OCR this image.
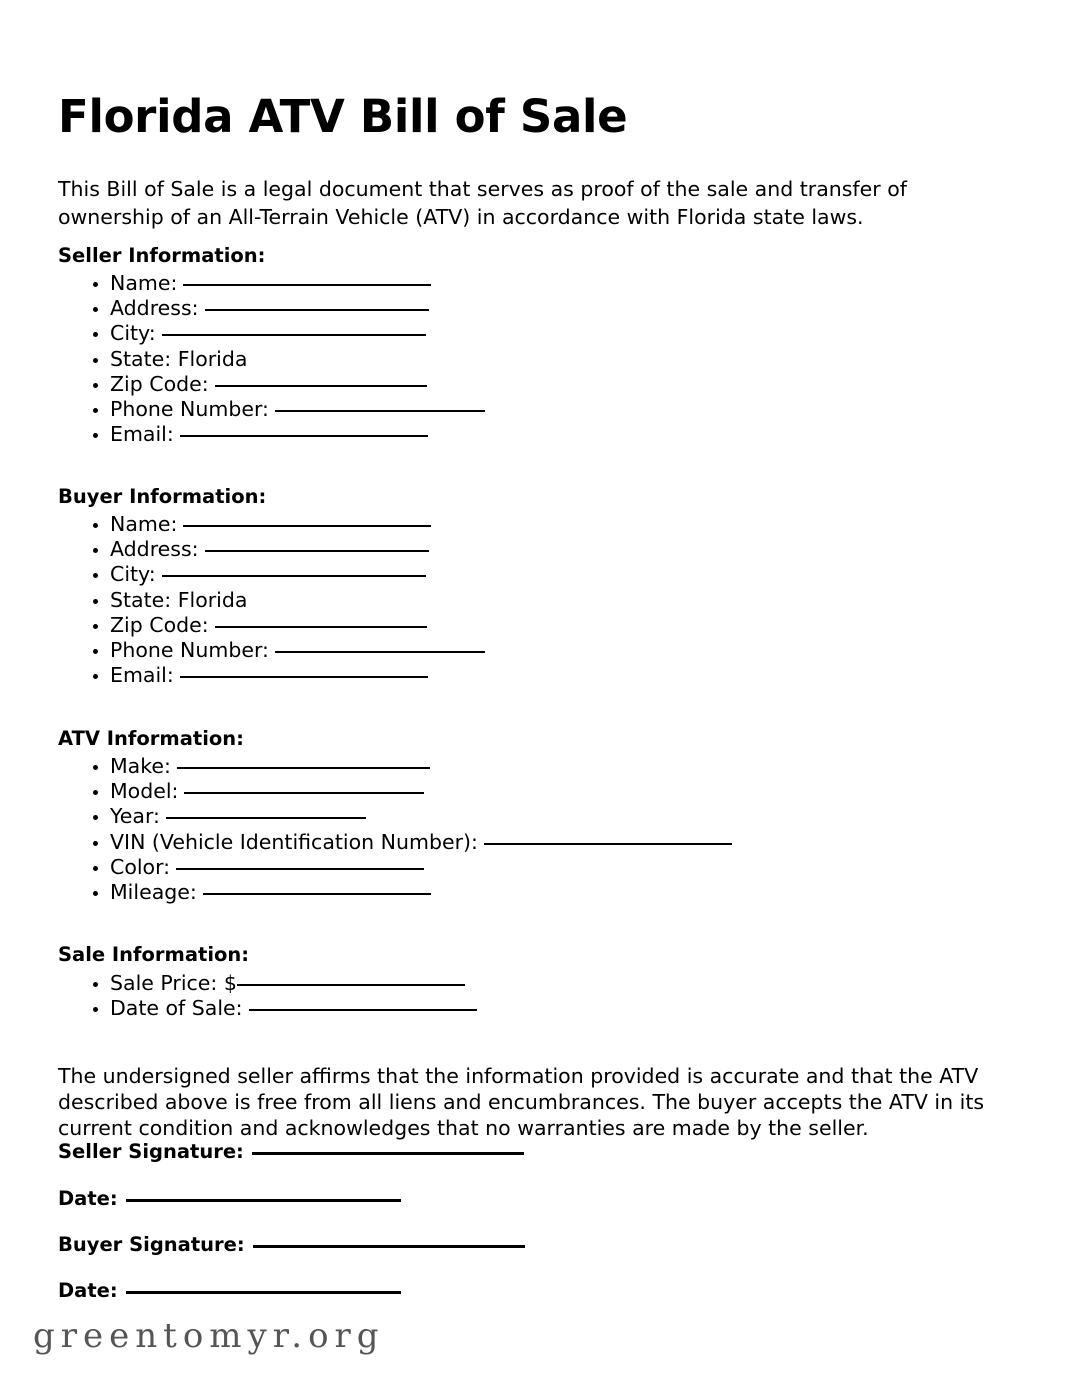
Florida ATV Bill of Sale

This Bill of Sale is a legal document that serves as proof of the sale and transfer of ownership of an All-Terrain Vehicle (ATV) in accordance with Florida state laws.

Seller Information:
Name:
Address:
City:
State: Florida
Zip Code:
Phone Number:
Email:
Buyer Information:
Name:
Address:
City:
State: Florida
Zip Code:
Phone Number:
Email:
ATV Information:
Make:
Model:
Year:
VIN (Vehicle Identification Number):
Color:
Mileage:
Sale Information:
Sale Price: $
Date of Sale:

The undersigned seller affirms that the information provided is accurate and that the ATV described above is free from all liens and encumbrances. The buyer accepts the ATV in its current condition and acknowledges that no warranties are made by the seller.

Seller Signature:
Date:
Buyer Signature:
Date:
greentomyr.org
